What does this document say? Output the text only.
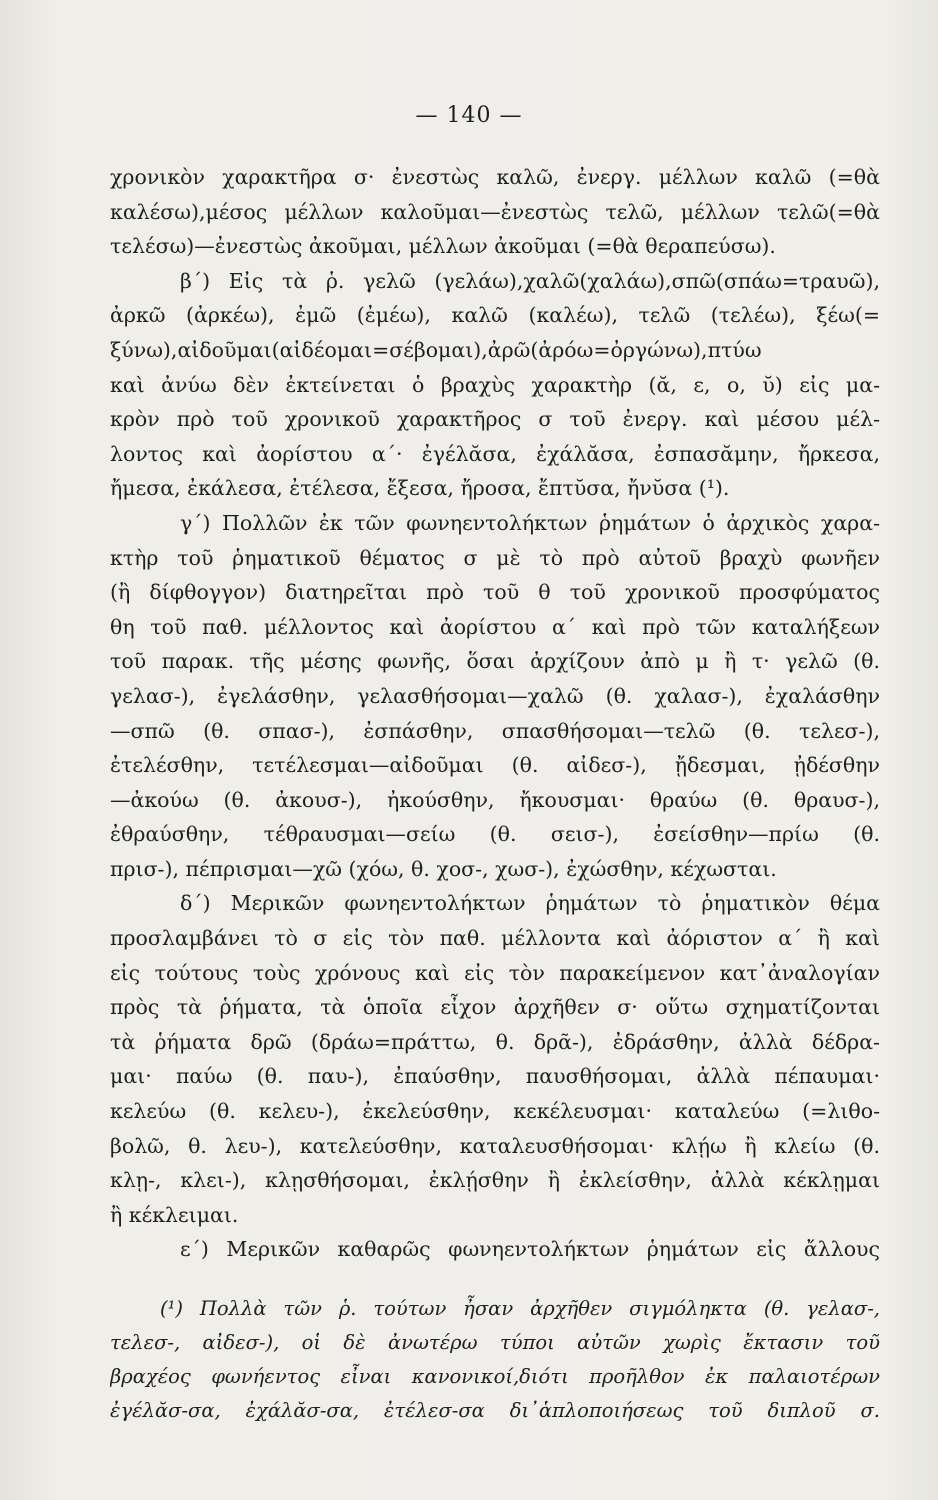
— 140 —
χρονικὸν χαρακτῆρα σ· ἐνεστὼς καλῶ, ἐνεργ. μέλλων καλῶ (=θὰ
καλέσω),μέσος μέλλων καλοῦμαι—ἐνεστὼς τελῶ, μέλλων τελῶ(=θὰ
τελέσω)—ἐνεστὼς ἀκοῦμαι, μέλλων ἀκοῦμαι (=θὰ θεραπεύσω).
β΄) Εἰς τὰ ῥ. γελῶ (γελάω),χαλῶ(χαλάω),σπῶ(σπάω=τραυῶ),
ἀρκῶ (ἀρκέω), ἐμῶ (ἐμέω), καλῶ (καλέω), τελῶ (τελέω), ξέω(=
ξύνω),αἰδοῦμαι(αἰδέομαι=σέβομαι),ἀρῶ(ἀρόω=ὀργώνω),πτύω
καὶ ἀνύω δὲν ἐκτείνεται ὁ βραχὺς χαρακτὴρ (ᾰ, ε, ο, ῠ) εἰς μα-
κρὸν πρὸ τοῦ χρονικοῦ χαρακτῆρος σ τοῦ ἐνεργ. καὶ μέσου μέλ-
λοντος καὶ ἀορίστου α΄· ἐγέλᾰσα, ἐχάλᾰσα, ἐσπασᾰμην, ἤρκεσα,
ἤμεσα, ἐκάλεσα, ἐτέλεσα, ἔξεσα, ἤροσα, ἔπτῠσα, ἤνῠσα (¹).
γ΄) Πολλῶν ἐκ τῶν φωνηεντολήκτων ῥημάτων ὁ ἀρχικὸς χαρα-
κτὴρ τοῦ ῥηματικοῦ θέματος σ μὲ τὸ πρὸ αὐτοῦ βραχὺ φωνῆεν
(ἢ δίφθογγον) διατηρεῖται πρὸ τοῦ θ τοῦ χρονικοῦ προσφύματος
θη τοῦ παθ. μέλλοντος καὶ ἀορίστου α΄ καὶ πρὸ τῶν καταλήξεων
τοῦ παρακ. τῆς μέσης φωνῆς, ὅσαι ἀρχίζουν ἀπὸ μ ἢ τ· γελῶ (θ.
γελασ-), ἐγελάσθην, γελασθήσομαι—χαλῶ (θ. χαλασ-), ἐχαλάσθην
—σπῶ (θ. σπασ-), ἐσπάσθην, σπασθήσομαι—τελῶ (θ. τελεσ-),
ἐτελέσθην, τετέλεσμαι—αἰδοῦμαι (θ. αἰδεσ-), ᾔδεσμαι, ᾐδέσθην
—ἀκούω (θ. ἀκουσ-), ἠκούσθην, ἤκουσμαι· θραύω (θ. θραυσ-),
ἐθραύσθην, τέθραυσμαι—σείω (θ. σεισ-), ἐσείσθην—πρίω (θ.
πρισ-), πέπρισμαι—χῶ (χόω, θ. χοσ-, χωσ-), ἐχώσθην, κέχωσται.
δ΄) Μερικῶν φωνηεντολήκτων ῥημάτων τὸ ῥηματικὸν θέμα
προσλαμβάνει τὸ σ εἰς τὸν παθ. μέλλοντα καὶ ἀόριστον α΄ ἢ καὶ
εἰς τούτους τοὺς χρόνους καὶ εἰς τὸν παρακείμενον κατ᾿ἀναλογίαν
πρὸς τὰ ῥήματα, τὰ ὁποῖα εἶχον ἀρχῆθεν σ· οὕτω σχηματίζονται
τὰ ῥήματα δρῶ (δράω=πράττω, θ. δρᾶ-), ἐδράσθην, ἀλλὰ δέδρα-
μαι· παύω (θ. παυ-), ἐπαύσθην, παυσθήσομαι, ἀλλὰ πέπαυμαι·
κελεύω (θ. κελευ-), ἐκελεύσθην, κεκέλευσμαι· καταλεύω (=λιθο-
βολῶ, θ. λευ-), κατελεύσθην, καταλευσθήσομαι· κλῄω ἢ κλείω (θ.
κλῃ-, κλει-), κλῃσθήσομαι, ἐκλῄσθην ἢ ἐκλείσθην, ἀλλὰ κέκλῃμαι
ἢ κέκλειμαι.
ε΄) Μερικῶν καθαρῶς φωνηεντολήκτων ῥημάτων εἰς ἄλλους
(¹) Πολλὰ τῶν ῥ. τούτων ἦσαν ἀρχῆθεν σιγμόληκτα (θ. γελασ-,
τελεσ-, αἰδεσ-), οἱ δὲ ἀνωτέρω τύποι αὐτῶν χωρὶς ἔκτασιν τοῦ
βραχέος φωνήεντος εἶναι κανονικοί,διότι προῆλθον ἐκ παλαιοτέρων
ἐγέλᾰσ-σα, ἐχάλᾰσ-σα, ἐτέλεσ-σα δι᾿ἁπλοποιήσεως τοῦ διπλοῦ σ.
